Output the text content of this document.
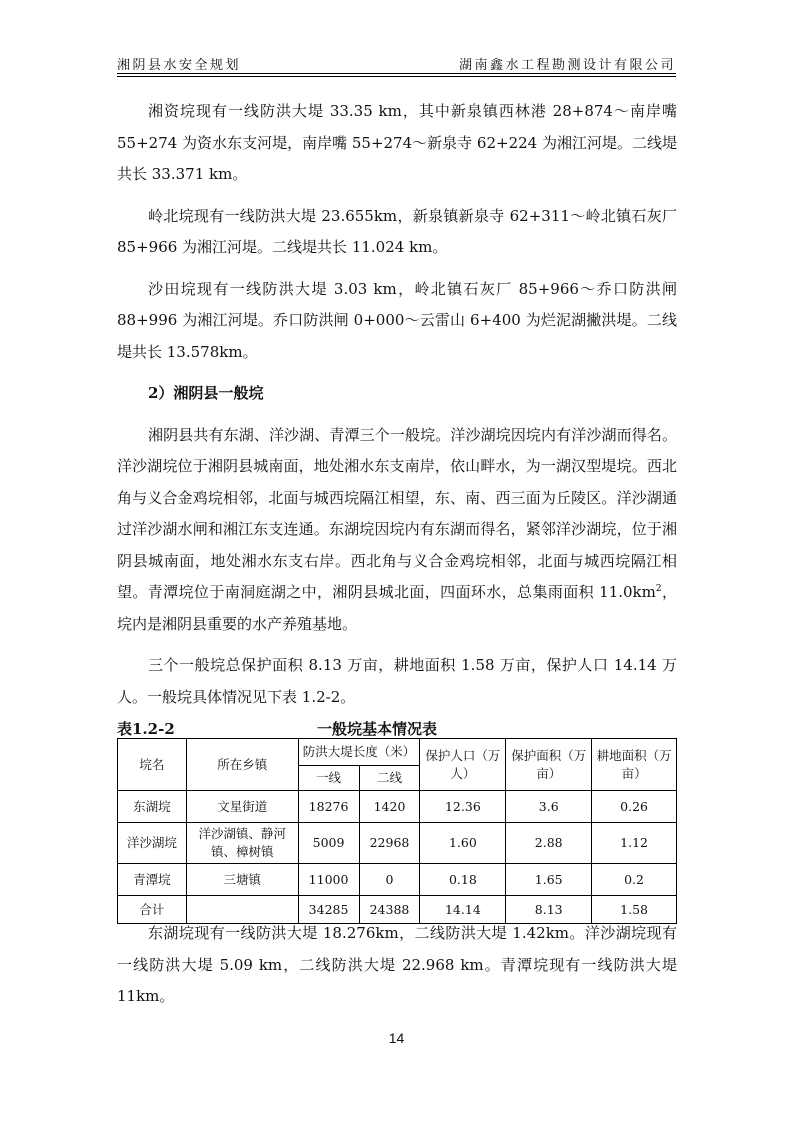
湘阴县水安全规划	湖南鑫水工程勘测设计有限公司

湘资垸现有一线防洪大堤 33.35 km，其中新泉镇西林港 28+874～南岸嘴 55+274 为资水东支河堤，南岸嘴 55+274～新泉寺 62+224 为湘江河堤。二线堤共长 33.371 km。

岭北垸现有一线防洪大堤 23.655km，新泉镇新泉寺 62+311～岭北镇石灰厂 85+966 为湘江河堤。二线堤共长 11.024 km。

沙田垸现有一线防洪大堤 3.03 km，岭北镇石灰厂 85+966～乔口防洪闸 88+996 为湘江河堤。乔口防洪闸 0+000～云雷山 6+400 为烂泥湖撇洪堤。二线堤共长 13.578km。

2）湘阴县一般垸

湘阴县共有东湖、洋沙湖、青潭三个一般垸。洋沙湖垸因垸内有洋沙湖而得名。洋沙湖垸位于湘阴县城南面，地处湘水东支南岸，依山畔水，为一湖汉型堤垸。西北角与义合金鸡垸相邻，北面与城西垸隔江相望，东、南、西三面为丘陵区。洋沙湖通过洋沙湖水闸和湘江东支连通。东湖垸因垸内有东湖而得名，紧邻洋沙湖垸，位于湘阴县城南面，地处湘水东支右岸。西北角与义合金鸡垸相邻，北面与城西垸隔江相望。青潭垸位于南洞庭湖之中，湘阴县城北面，四面环水，总集雨面积 $11.0km^2$，垸内是湘阴县重要的水产养殖基地。

三个一般垸总保护面积 8.13 万亩，耕地面积 1.58 万亩，保护人口 14.14 万人。一般垸具体情况见下表 1.2-2。

表1.2-2	一般垸基本情况表
垸名	所在乡镇	防洪大堤长度（米）		保护人口（万人）	保护面积（万亩）	耕地面积（万亩）
		一线	二线			
东湖垸	文星街道	18276	1420	12.36	3.6	0.26
洋沙湖垸	洋沙湖镇、静河镇、樟树镇	5009	22968	1.60	2.88	1.12
青潭垸	三塘镇	11000	0	0.18	1.65	0.2
合计		34285	24388	14.14	8.13	1.58

东湖垸现有一线防洪大堤 18.276km，二线防洪大堤 1.42km。洋沙湖垸现有一线防洪大堤 5.09 km，二线防洪大堤 22.968 km。青潭垸现有一线防洪大堤 11km。

14
